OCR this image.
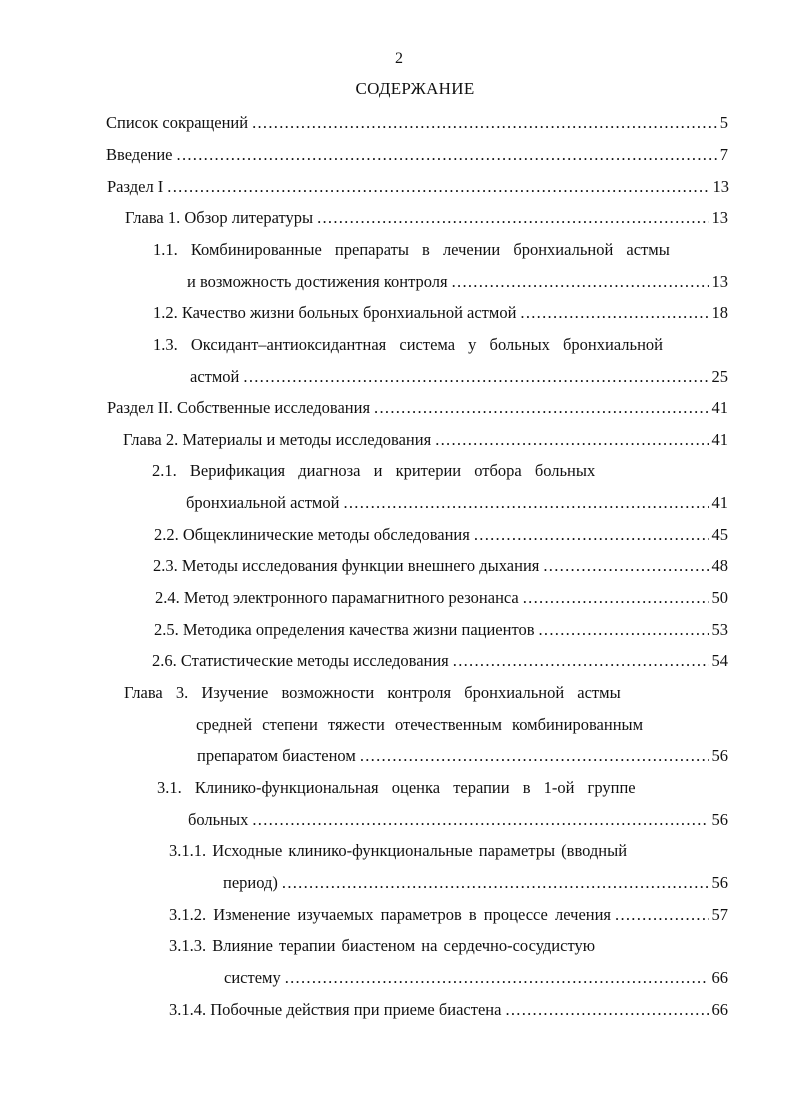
2
СОДЕРЖАНИЕ
Список сокращений .....	5
Введение .....	7
Раздел I .....	13
Глава 1. Обзор литературы .....	13
1.1. Комбинированные препараты в лечении бронхиальной астмы
и возможность достижения контроля .....	13
1.2. Качество жизни больных бронхиальной астмой .....	18
1.3. Оксидант–антиоксидантная система у больных бронхиальной
астмой .....	25
Раздел II. Собственные исследования .....	41
Глава 2. Материалы и методы исследования .....	41
2.1. Верификация диагноза и критерии отбора больных
бронхиальной астмой .....	41
2.2. Общеклинические методы обследования .....	45
2.3. Методы исследования функции внешнего дыхания .....	48
2.4. Метод электронного парамагнитного резонанса .....	50
2.5. Методика определения качества жизни пациентов .....	53
2.6. Статистические методы исследования .....	54
Глава 3. Изучение возможности контроля бронхиальной астмы
средней степени тяжести отечественным комбинированным
препаратом биастеном .....	56
3.1. Клинико-функциональная оценка терапии в 1-ой группе
больных .....	56
3.1.1. Исходные клинико-функциональные параметры (вводный
период) .....	56
3.1.2. Изменение изучаемых параметров в процессе лечения .....	57
3.1.3. Влияние терапии биастеном на сердечно-сосудистую
систему .....	66
3.1.4. Побочные действия при приеме биастена .....	66
